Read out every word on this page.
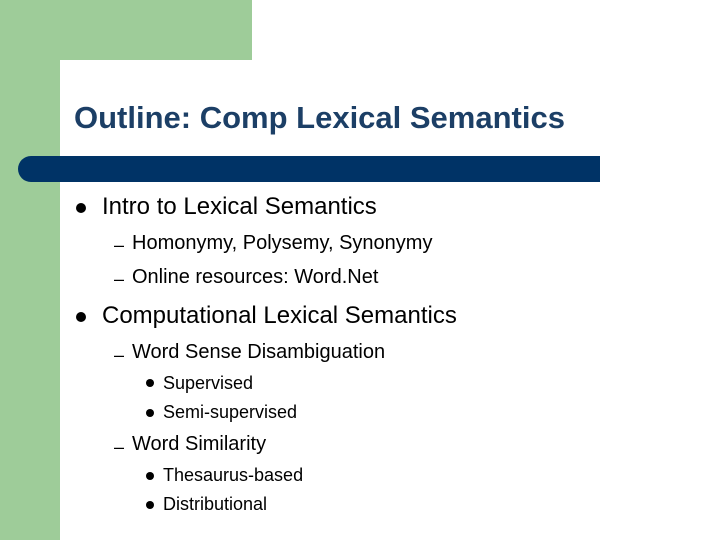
Outline: Comp Lexical Semantics
Intro to Lexical Semantics
– Homonymy, Polysemy, Synonymy
– Online resources: Word.Net
Computational Lexical Semantics
– Word Sense Disambiguation
Supervised
Semi-supervised
– Word Similarity
Thesaurus-based
Distributional
